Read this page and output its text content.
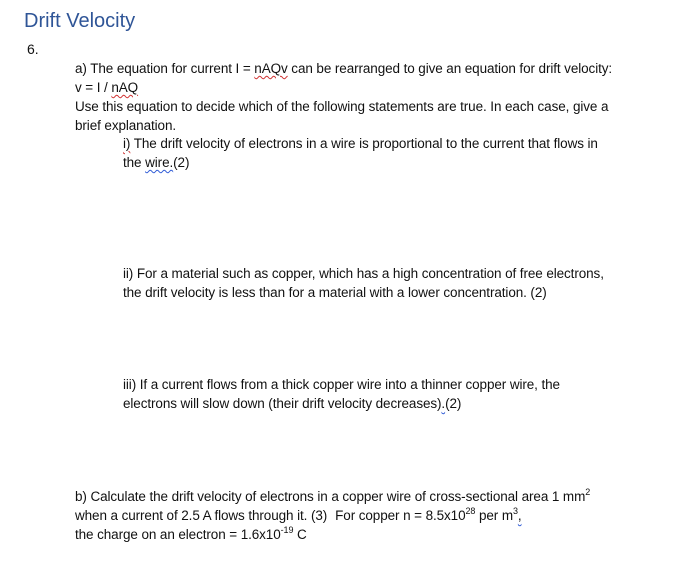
Drift Velocity
6.
a) The equation for current I = nAQv can be rearranged to give an equation for drift velocity:
v = I / nAQ
Use this equation to decide which of the following statements are true. In each case, give a
brief explanation.
i) The drift velocity of electrons in a wire is proportional to the current that flows in
the wire.(2)
ii) For a material such as copper, which has a high concentration of free electrons,
the drift velocity is less than for a material with a lower concentration. (2)
iii) If a current flows from a thick copper wire into a thinner copper wire, the
electrons will slow down (their drift velocity decreases).(2)
b) Calculate the drift velocity of electrons in a copper wire of cross-sectional area 1 $mm^2$
when a current of 2.5 A flows through it. (3) For copper $n = 8.5x10^{28}$ per $m^3$,
the charge on an electron = $1.6x10^{-19}$ C
